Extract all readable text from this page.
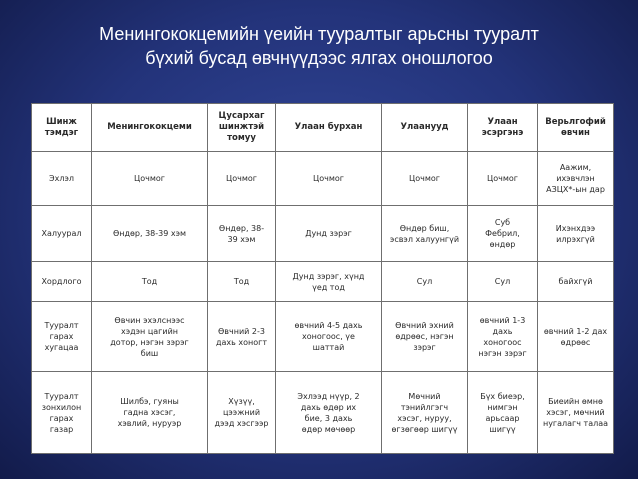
Менингококцемийн үеийн тууралтыг арьсны тууралт
бүхий бусад өвчнүүдээс ялгах оношлогоо
Шинж
тэмдэг	Менингококцеми	Цусархаг
шинжтэй
томуу	Улаан бурхан	Улаанууд	Улаан
эсэргэнэ	Верьлгофий
өвчин

Эхлэл	Цочмог	Цочмог	Цочмог	Цочмог	Цочмог	Аажим,
ихэвчлэн
АЗЦХ*-ын дар

Халуурал	Өндөр, 38-39 хэм	Өндөр, 38-
39 хэм	Дунд зэрэг	Өндөр биш,
эсвэл халуунгүй	Суб
Фебрил,
өндөр	Ихэнхдээ
илрэхгүй

Хордлого	Тод	Тод	Дунд зэрэг, хүнд
үед тод	Сул	Сул	байхгүй

Тууралт
гарах
хугацаа	Өвчин эхэлснээс
хэдэн цагийн
дотор, нэгэн зэрэг
биш	Өвчний 2-3
дахь хоногт	өвчний 4-5 дахь
хоногоос, үе
шаттай	Өвчний эхний
өдрөөс, нэгэн
зэрэг	өвчний 1-3
дахь
хоногоос
нэгэн зэрэг	өвчний 1-2 дах
өдрөөс

Тууралт
зонхилон
гарах
газар	Шилбэ, гуяны
гадна хэсэг,
хэвлий, нуруэр	Хүзүү,
цээжний
дээд хэсгээр	Эхлээд нүүр, 2
дахь өдөр их
бие, 3 дахь
өдөр мөчөөр	Мөчний
тэнийлгэгч
хэсэг, нуруу,
өгзөгөөр шигүү	Бүх биеэр,
нимгэн
арьсаар
шигүү	Биеийн өмнө
хэсэг, мөчний
нугалагч талаа
